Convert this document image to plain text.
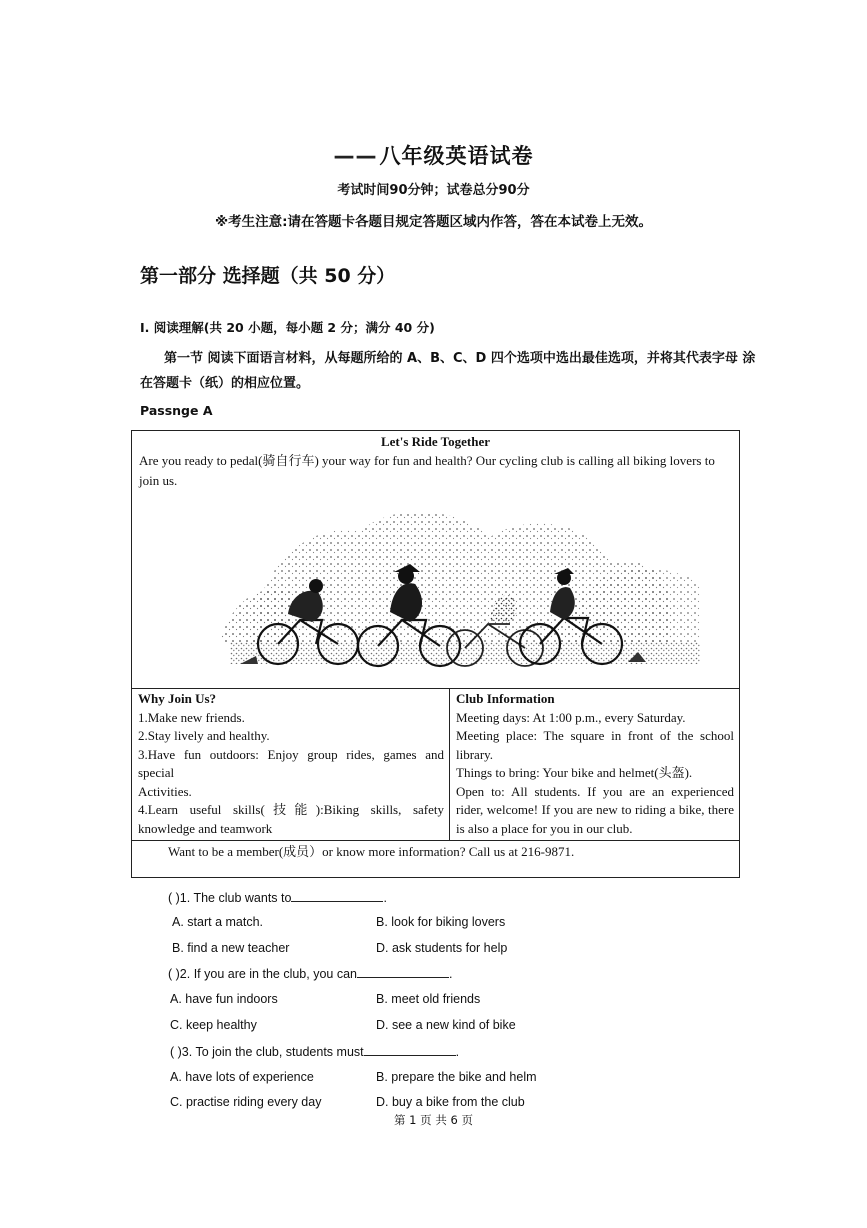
——八年级英语试卷
考试时间90分钟；试卷总分90分
※考生注意:请在答题卡各题目规定答题区域内作答，答在本试卷上无效。
第一部分 选择题（共 50 分）
I. 阅读理解(共 20 小题，每小题 2 分；满分 40 分)
第一节 阅读下面语言材料，从每题所给的 A、B、C、D 四个选项中选出最佳选项，并将其代表字母 涂在答题卡（纸）的相应位置。
Passnge A
Let's Ride Together
Are you ready to pedal(骑自行车) your way for fun and health? Our cycling club is calling all biking lovers to join us.
Why Join Us?
1.Make new friends.
2.Stay lively and healthy.
3.Have fun outdoors: Enjoy group rides, games and special
Activities.
4.Learn useful skills(技能):Biking skills, safety knowledge and teamwork
Club Information
Meeting days: At 1:00 p.m., every Saturday.
Meeting place: The square in front of the school library.
Things to bring: Your bike and helmet(头盔).
Open to: All students. If you are an experienced rider, welcome! If you are new to riding a bike, there is also a place for you in our club.
Want to be a member(成员）or know more information? Call us at 216-9871.
( )1. The club wants to	.
A. start a match.	B. look for biking lovers
B. find a new teacher	D. ask students for help
( )2. If you are in the club, you can	.
A. have fun indoors	B. meet old friends
C. keep healthy	D. see a new kind of bike
( )3. To join the club, students must	.
A. have lots of experience	B. prepare the bike and helm
C. practise riding every day	D. buy a bike from the club
第 1 页 共 6 页
